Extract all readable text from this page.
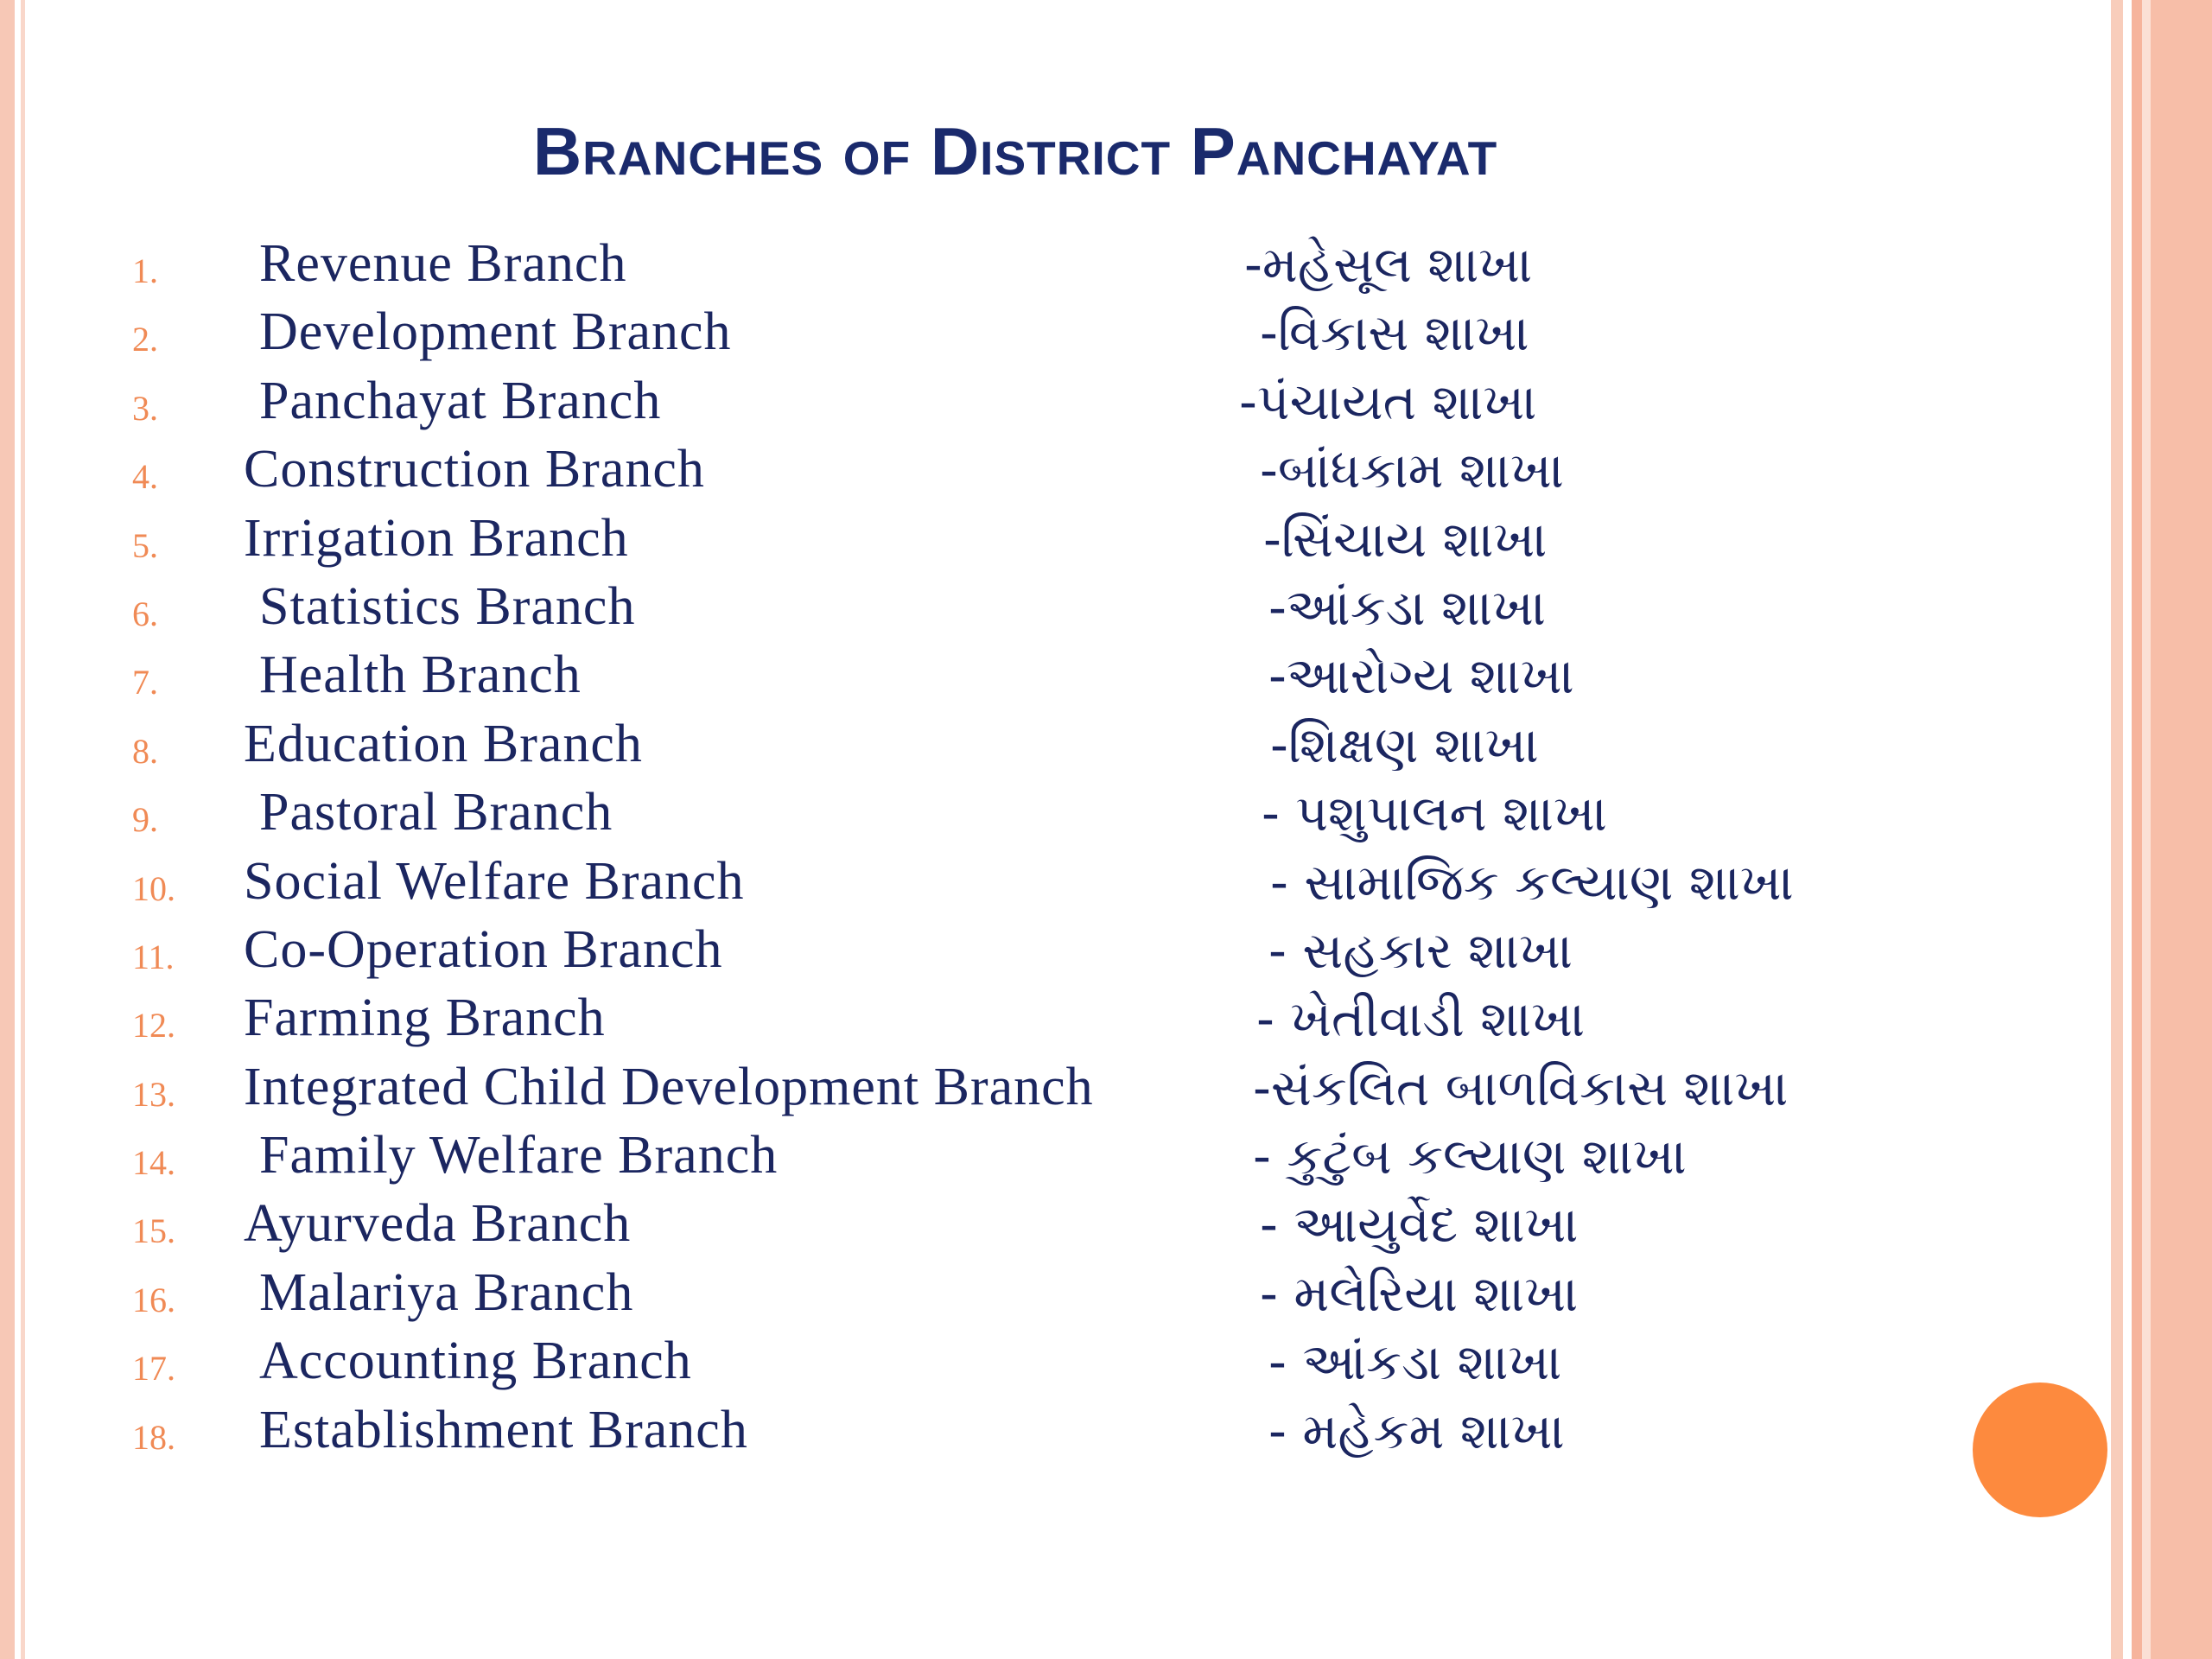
Branches of District Panchayat
1. Revenue Branch	-મહેસૂલ શાખા
2. Development Branch	-વિકાસ શાખા
3. Panchayat Branch	-પંચાયત શાખા
4. Construction Branch	-બાંધકામ શાખા
5. Irrigation Branch	-સિંચાય શાખા
6. Statistics Branch	-આંકડા શાખા
7. Health Branch	-આરોગ્ય શાખા
8. Education Branch	-શિક્ષણ શાખા
9. Pastoral Branch	- પશુપાલન શાખા
10. Social Welfare Branch	- સામાજિક કલ્યાણ શાખા
11. Co-Operation Branch	- સહકાર શાખા
12. Farming Branch	- ખેતીવાડી શાખા
13. Integrated Child Development Branch	-સંકલિત બાળવિકાસ શાખા
14. Family Welfare Branch	- કુટુંબ કલ્યાણ શાખા
15. Ayurveda Branch	- આયુર્વેદ શાખા
16. Malariya Branch	- મલેરિયા શાખા
17. Accounting Branch	- આંકડા શાખા
18. Establishment Branch	- મહેકમ શાખા
